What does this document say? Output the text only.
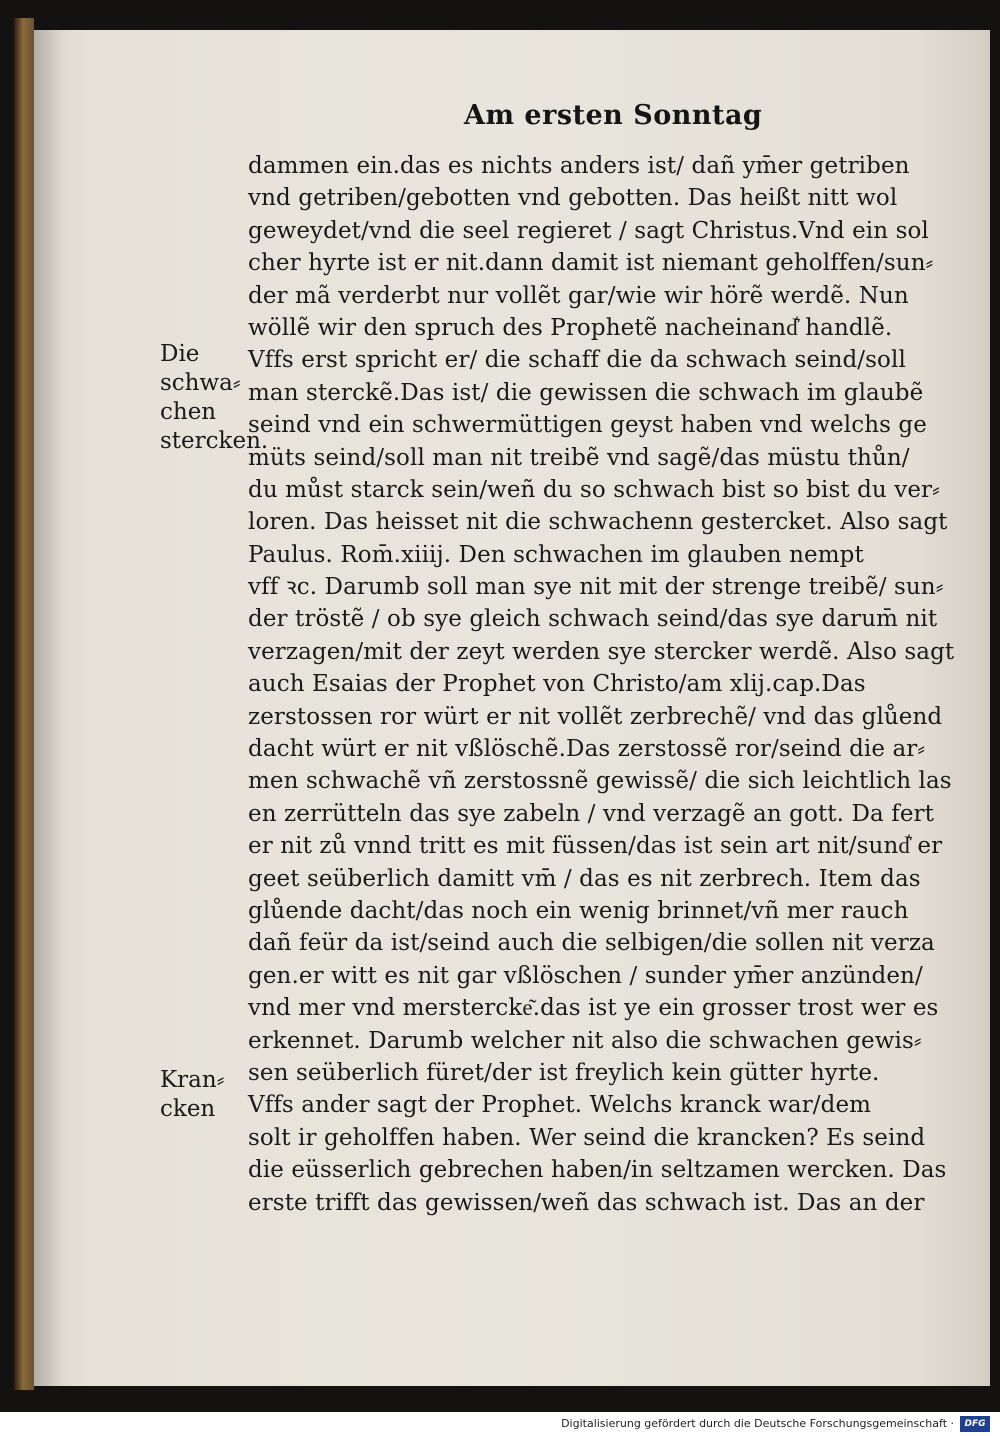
Am ersten Sonntag
dammen ein.das es nichts anders ist/ dañ ym̄er getriben
vnd getriben/gebotten vnd gebotten. Das heißt nitt wol
geweydet/vnd die seel regieret / sagt Christus.Vnd ein sol
cher hyrte ist er nit.dann damit ist niemant geholffen/sun⸗
der mã verderbt nur vollẽt gar/wie wir hörẽ werdẽ. Nun
wöllẽ wir den spruch des Prophetẽ nacheinand͛ handlẽ.
Vffs erst spricht er/ die schaff die da schwach seind/soll
man sterckẽ.Das ist/ die gewissen die schwach im glaubẽ
seind vnd ein schwermüttigen geyst haben vnd welchs ge
müts seind/soll man nit treibẽ vnd sagẽ/das müstu thůn/
du můst starck sein/weñ du so schwach bist so bist du ver⸗
loren. Das heisset nit die schwachenn gestercket. Also sagt
Paulus. Rom̄.xiiij. Den schwachen im glauben nempt
vff ꝛc. Darumb soll man sye nit mit der strenge treibẽ/ sun⸗
der tröstẽ / ob sye gleich schwach seind/das sye darum̄ nit
verzagen/mit der zeyt werden sye stercker werdẽ. Also sagt
auch Esaias der Prophet von Christo/am xlij.cap.Das
zerstossen ror würt er nit vollẽt zerbrechẽ/ vnd das glůend
dacht würt er nit vßlöschẽ.Das zerstossẽ ror/seind die ar⸗
men schwachẽ vñ zerstossnẽ gewissẽ/ die sich leichtlich las
en zerrütteln das sye zabeln / vnd verzagẽ an gott. Da fert
er nit zů vnnd tritt es mit füssen/das ist sein art nit/sund͛ er
geet seüberlich damitt vm̄ / das es nit zerbrech. Item das
glůende dacht/das noch ein wenig brinnet/vñ mer rauch
dañ feür da ist/seind auch die selbigen/die sollen nit verza
gen.er witt es nit gar vßlöschen / sunder ym̄er anzünden/
vnd mer vnd merstercke͂.das ist ye ein grosser trost wer es
erkennet. Darumb welcher nit also die schwachen gewis⸗
sen seüberlich füret/der ist freylich kein gütter hyrte.
Vffs ander sagt der Prophet. Welchs kranck war/dem
solt ir geholffen haben. Wer seind die krancken? Es seind
die eüsserlich gebrechen haben/in seltzamen wercken. Das
erste trifft das gewissen/weñ das schwach ist. Das an der
Die
schwa⸗
chen
stercken.
Kran⸗
cken
Digitalisierung gefördert durch die Deutsche Forschungsgemeinschaft ·	DFG
